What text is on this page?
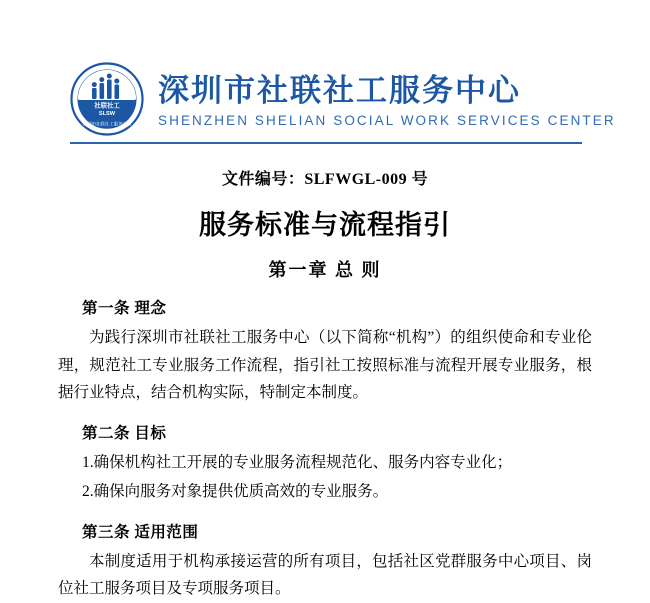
社联社工
SLSW
深圳市社联社工服务中心
深圳市社联社工服务中心
SHENZHEN SHELIAN SOCIAL WORK SERVICES CENTER
文件编号：SLFWGL-009 号
服务标准与流程指引
第一章 总 则
第一条 理念
为践行深圳市社联社工服务中心（以下简称“机构”）的组织使命和专业伦理，规范社工专业服务工作流程，指引社工按照标准与流程开展专业服务，根据行业特点，结合机构实际，特制定本制度。
第二条 目标
1.确保机构社工开展的专业服务流程规范化、服务内容专业化；
2.确保向服务对象提供优质高效的专业服务。
第三条 适用范围
本制度适用于机构承接运营的所有项目，包括社区党群服务中心项目、岗位社工服务项目及专项服务项目。
